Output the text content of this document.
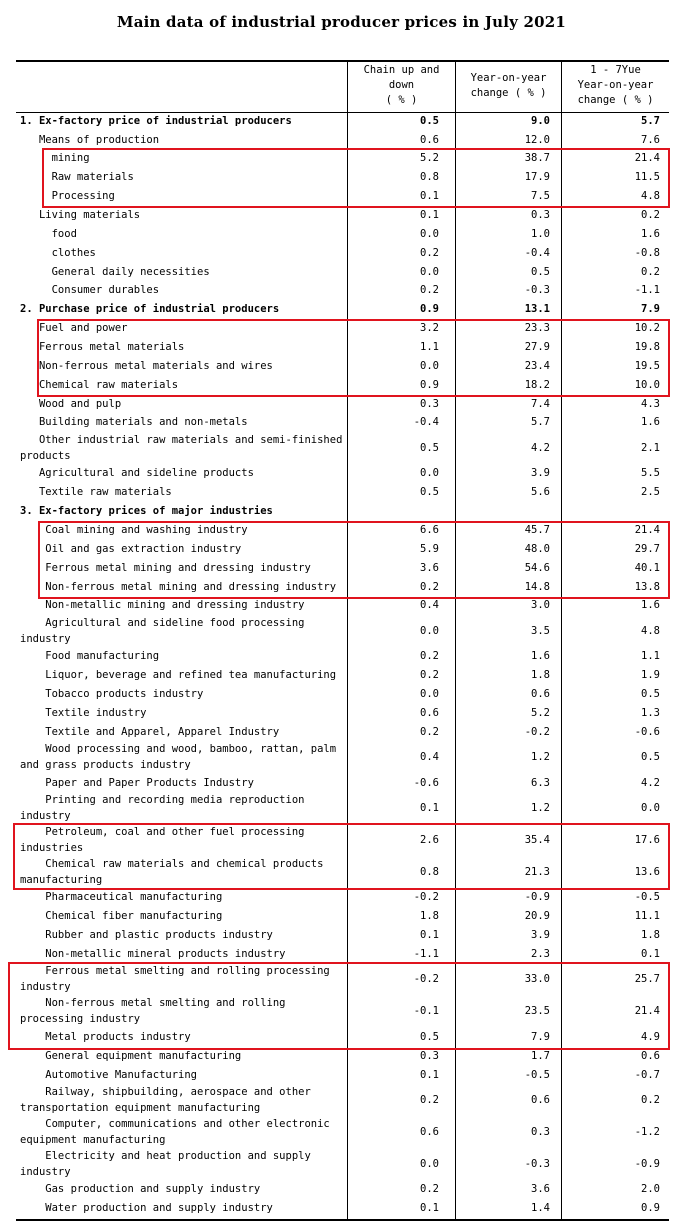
Main data of industrial producer prices in July 2021
Chain up and
down
( % )
Year-on-year
change ( % )
1 - 7Yue
Year-on-year
change ( % )
1. Ex-factory price of industrial producers	0.5	9.0	5.7
Means of production	0.6	12.0	7.6
mining	5.2	38.7	21.4
Raw materials	0.8	17.9	11.5
Processing	0.1	7.5	4.8
Living materials	0.1	0.3	0.2
food	0.0	1.0	1.6
clothes	0.2	-0.4	-0.8
General daily necessities	0.0	0.5	0.2
Consumer durables	0.2	-0.3	-1.1
2. Purchase price of industrial producers	0.9	13.1	7.9
Fuel and power	3.2	23.3	10.2
Ferrous metal materials	1.1	27.9	19.8
Non-ferrous metal materials and wires	0.0	23.4	19.5
Chemical raw materials	0.9	18.2	10.0
Wood and pulp	0.3	7.4	4.3
Building materials and non-metals	-0.4	5.7	1.6
Other industrial raw materials and semi-finished
products
0.5	4.2	2.1
Agricultural and sideline products	0.0	3.9	5.5
Textile raw materials	0.5	5.6	2.5
3. Ex-factory prices of major industries
Coal mining and washing industry	6.6	45.7	21.4
Oil and gas extraction industry	5.9	48.0	29.7
Ferrous metal mining and dressing industry	3.6	54.6	40.1
Non-ferrous metal mining and dressing industry	0.2	14.8	13.8
Non-metallic mining and dressing industry	0.4	3.0	1.6
Agricultural and sideline food processing
industry
0.0	3.5	4.8
Food manufacturing	0.2	1.6	1.1
Liquor, beverage and refined tea manufacturing	0.2	1.8	1.9
Tobacco products industry	0.0	0.6	0.5
Textile industry	0.6	5.2	1.3
Textile and Apparel, Apparel Industry	0.2	-0.2	-0.6
Wood processing and wood, bamboo, rattan, palm
and grass products industry
0.4	1.2	0.5
Paper and Paper Products Industry	-0.6	6.3	4.2
Printing and recording media reproduction
industry
0.1	1.2	0.0
Petroleum, coal and other fuel processing
industries
2.6	35.4	17.6
Chemical raw materials and chemical products
manufacturing
0.8	21.3	13.6
Pharmaceutical manufacturing	-0.2	-0.9	-0.5
Chemical fiber manufacturing	1.8	20.9	11.1
Rubber and plastic products industry	0.1	3.9	1.8
Non-metallic mineral products industry	-1.1	2.3	0.1
Ferrous metal smelting and rolling processing
industry
-0.2	33.0	25.7
Non-ferrous metal smelting and rolling
processing industry
-0.1	23.5	21.4
Metal products industry	0.5	7.9	4.9
General equipment manufacturing	0.3	1.7	0.6
Automotive Manufacturing	0.1	-0.5	-0.7
Railway, shipbuilding, aerospace and other
transportation equipment manufacturing
0.2	0.6	0.2
Computer, communications and other electronic
equipment manufacturing
0.6	0.3	-1.2
Electricity and heat production and supply
industry
0.0	-0.3	-0.9
Gas production and supply industry	0.2	3.6	2.0
Water production and supply industry	0.1	1.4	0.9
